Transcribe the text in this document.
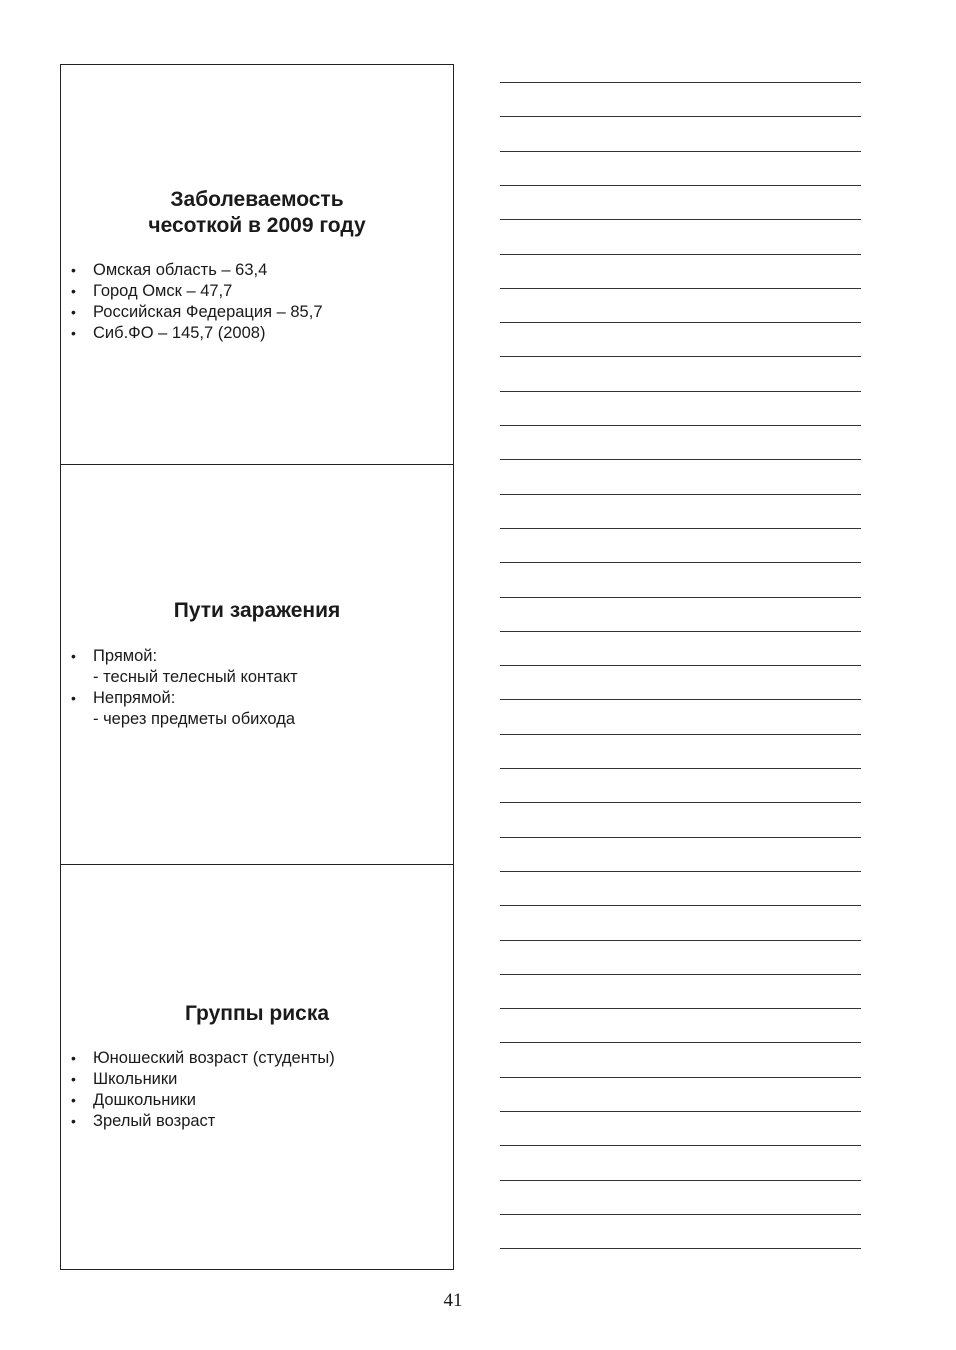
Заболеваемость
чесоткой в 2009 году
• Омская область – 63,4
• Город Омск – 47,7
• Российская Федерация – 85,7
• Сиб.ФО – 145,7 (2008)
Пути заражения
• Прямой:
- тесный телесный контакт
• Непрямой:
- через предметы обихода
Группы риска
• Юношеский возраст (студенты)
• Школьники
• Дошкольники
• Зрелый возраст
41
